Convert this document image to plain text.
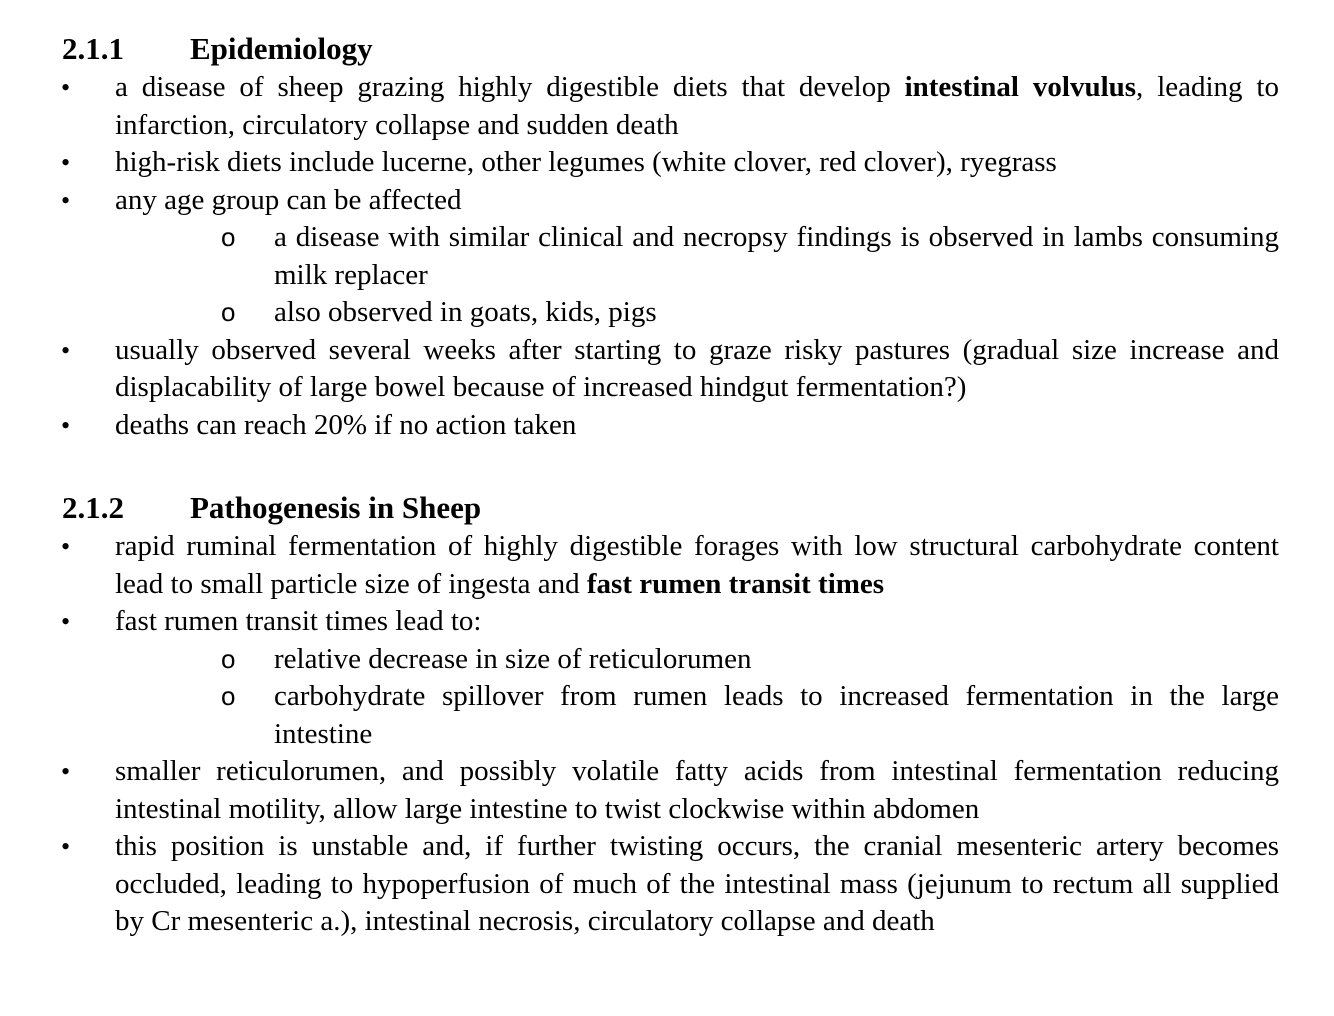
2.1.1 Epidemiology
• a disease of sheep grazing highly digestible diets that develop intestinal volvulus, leading to infarction, circulatory collapse and sudden death
• high-risk diets include lucerne, other legumes (white clover, red clover), ryegrass
• any age group can be affected
o a disease with similar clinical and necropsy findings is observed in lambs consuming milk replacer
o also observed in goats, kids, pigs
• usually observed several weeks after starting to graze risky pastures (gradual size increase and displacability of large bowel because of increased hindgut fermentation?)
• deaths can reach 20% if no action taken
2.1.2 Pathogenesis in Sheep
• rapid ruminal fermentation of highly digestible forages with low structural carbohydrate content lead to small particle size of ingesta and fast rumen transit times
• fast rumen transit times lead to:
o relative decrease in size of reticulorumen
o carbohydrate spillover from rumen leads to increased fermentation in the large intestine
• smaller reticulorumen, and possibly volatile fatty acids from intestinal fermentation reducing intestinal motility, allow large intestine to twist clockwise within abdomen
• this position is unstable and, if further twisting occurs, the cranial mesenteric artery becomes occluded, leading to hypoperfusion of much of the intestinal mass (jejunum to rectum all supplied by Cr mesenteric a.), intestinal necrosis, circulatory collapse and death
